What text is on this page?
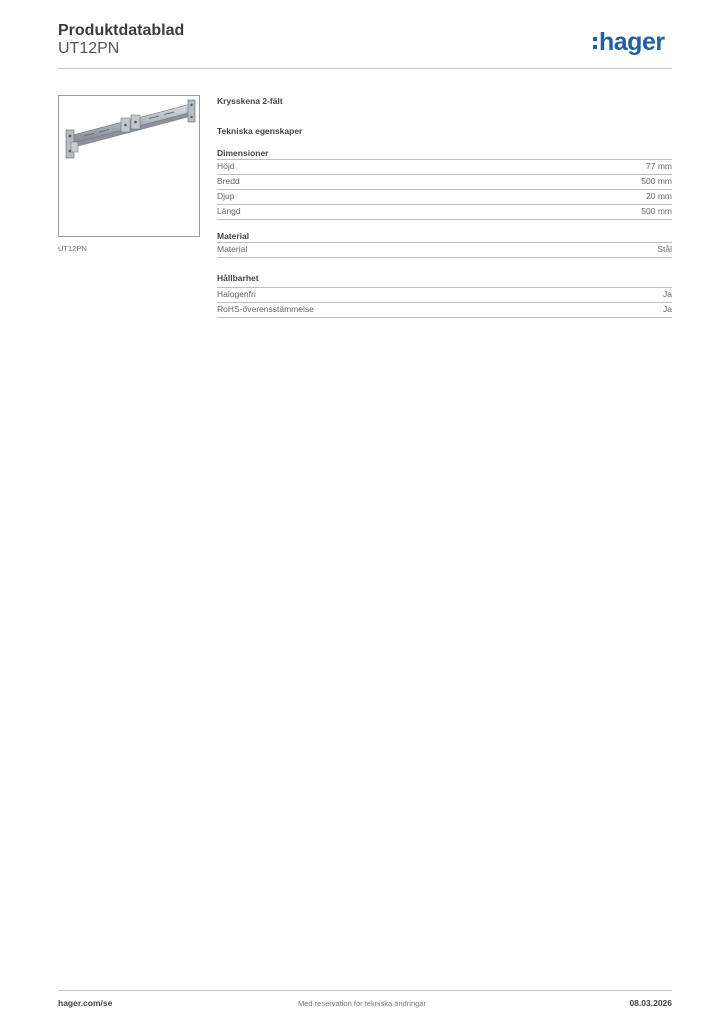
Produktdatablad
UT12PN	hager
UT12PN
Krysskena 2-fält
Tekniska egenskaper
Dimensioner
Höjd	77 mm
Bredd	500 mm
Djup	20 mm
Längd	500 mm
Material
Material	Stål
Hållbarhet
Halogenfri	Ja
RoHS-överensstämmelse	Ja
hager.com/se	Med reservation för tekniska ändringar	08.03.2026
